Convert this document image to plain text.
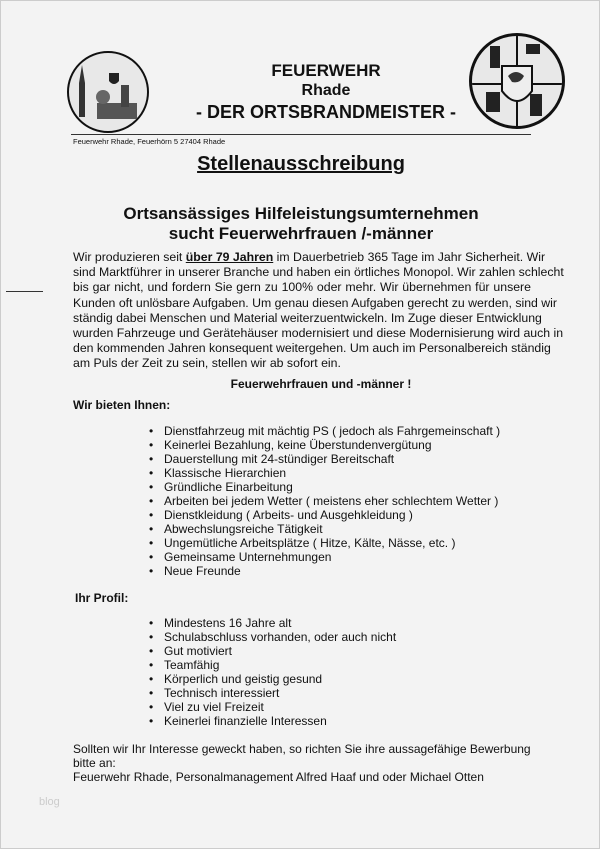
FEUERWEHR
Rhade
- DER ORTSBRANDMEISTER -
Feuerwehr Rhade, Feuerhörn 5 27404 Rhade
Stellenausschreibung
Ortsansässiges Hilfeleistungsumternehmen
sucht Feuerwehrfrauen /-männer
Wir produzieren seit über 79 Jahren im Dauerbetrieb 365 Tage im Jahr Sicherheit. Wir
sind Marktführer in unserer Branche und haben ein örtliches Monopol. Wir zahlen schlecht
bis gar nicht, und fordern Sie gern zu 100% oder mehr. Wir übernehmen für unsere
Kunden oft unlösbare Aufgaben. Um genau diesen Aufgaben gerecht zu werden, sind wir
ständig dabei Menschen und Material weiterzuentwickeln. Im Zuge dieser Entwicklung
wurden Fahrzeuge und Gerätehäuser modernisiert und diese Modernisierung wird auch in
den kommenden Jahren konsequent weitergehen. Um auch im Personalbereich ständig
am Puls der Zeit zu sein, stellen wir ab sofort ein.
Feuerwehrfrauen und -männer !
Wir bieten Ihnen:
• Dienstfahrzeug mit mächtig PS ( jedoch als Fahrgemeinschaft )
• Keinerlei Bezahlung, keine Überstundenvergütung
• Dauerstellung mit 24-stündiger Bereitschaft
• Klassische Hierarchien
• Gründliche Einarbeitung
• Arbeiten bei jedem Wetter ( meistens eher schlechtem Wetter )
• Dienstkleidung ( Arbeits- und Ausgehkleidung )
• Abwechslungsreiche Tätigkeit
• Ungemütliche Arbeitsplätze ( Hitze, Kälte, Nässe, etc. )
• Gemeinsame Unternehmungen
• Neue Freunde
Ihr Profil:
• Mindestens 16 Jahre alt
• Schulabschluss vorhanden, oder auch nicht
• Gut motiviert
• Teamfähig
• Körperlich und geistig gesund
• Technisch interessiert
• Viel zu viel Freizeit
• Keinerlei finanzielle Interessen
Sollten wir Ihr Interesse geweckt haben, so richten Sie ihre aussagefähige Bewerbung
bitte an:
Feuerwehr Rhade, Personalmanagement Alfred Haaf und oder Michael Otten
blog
